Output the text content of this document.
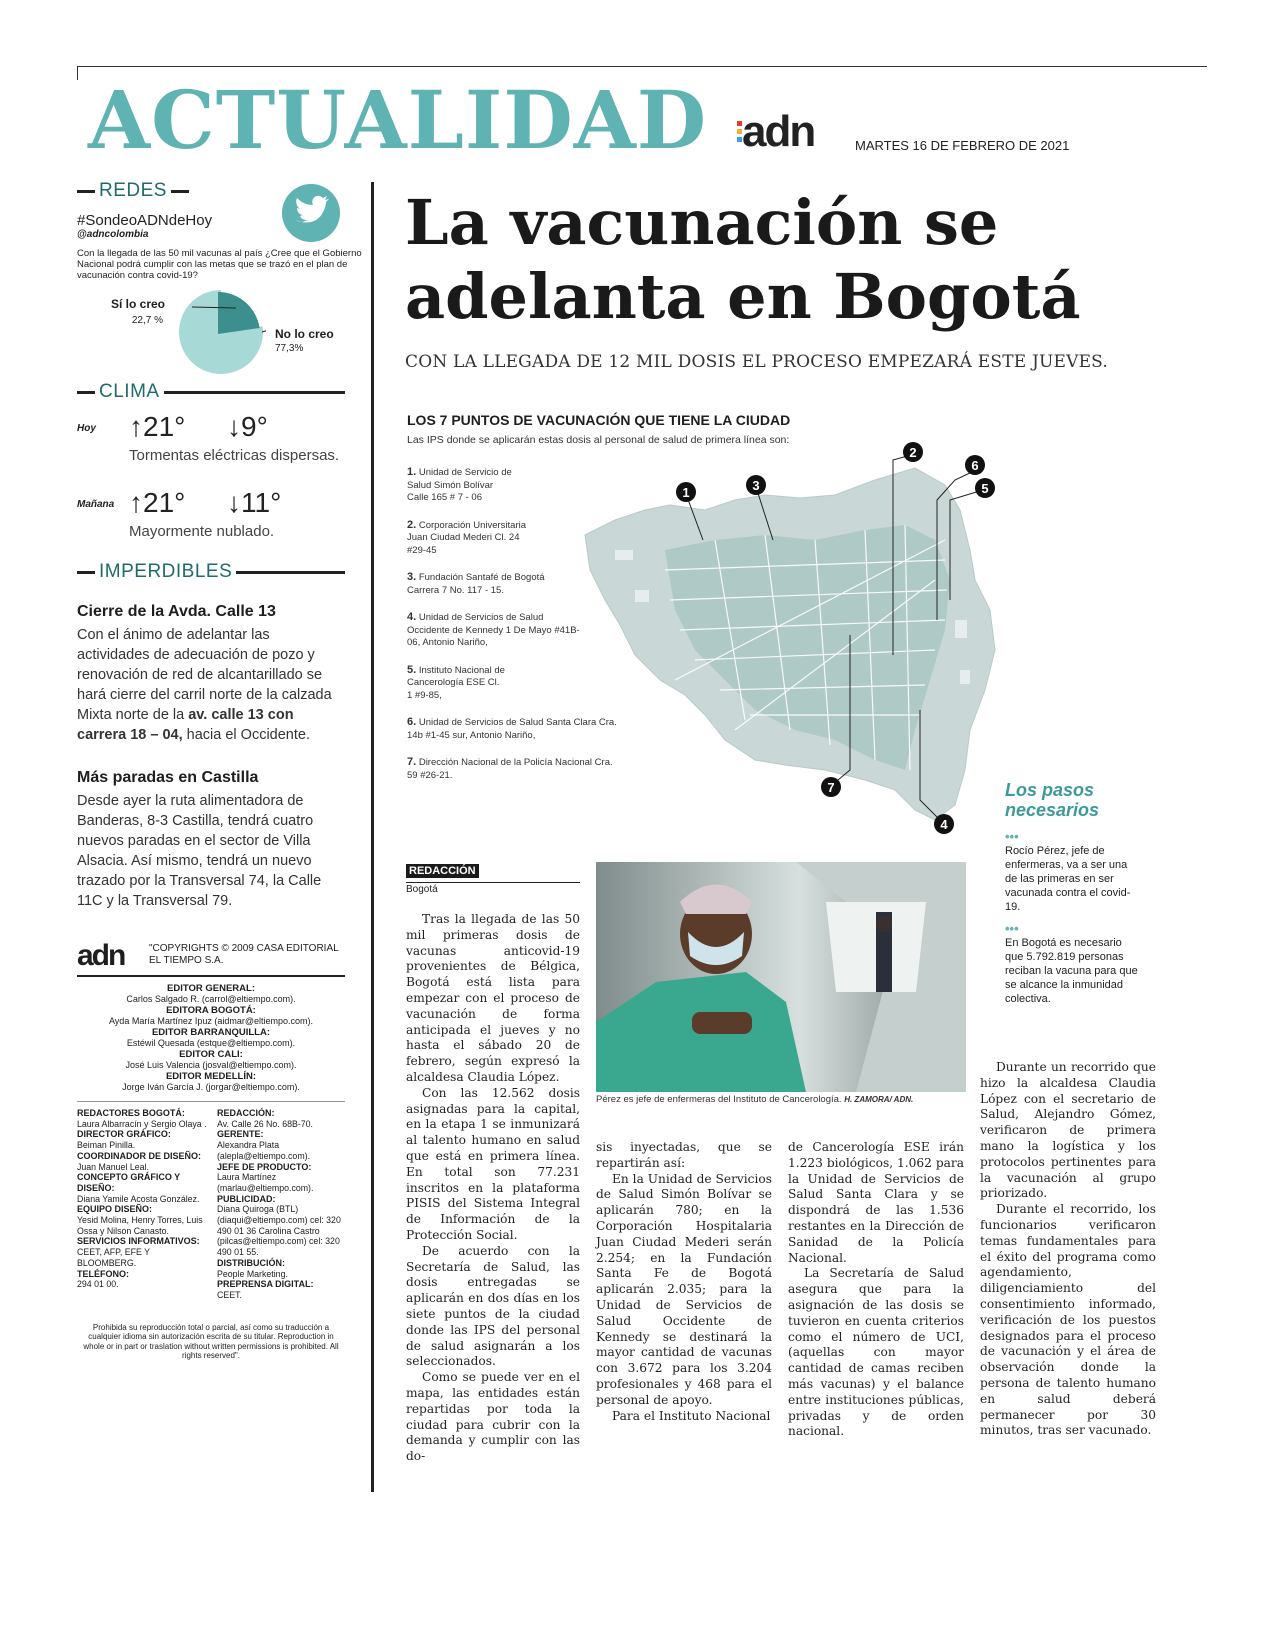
ACTUALIDAD adn	MARTES 16 DE FEBRERO DE 2021
REDES
#SondeoADNdeHoy
@adncolombia
Con la llegada de las 50 mil vacunas al país ¿Cree que el Gobierno Nacional podrá cumplir con las metas que se trazó en el plan de vacunación contra covid-19?
Sí lo creo
22,7 %
No lo creo
77,3%
CLIMA
Hoy ↑21° ↓9°
Tormentas eléctricas dispersas.
Mañana ↑21° ↓11°
Mayormente nublado.
IMPERDIBLES
Cierre de la Avda. Calle 13
Con el ánimo de adelantar las actividades de adecuación de pozo y renovación de red de alcantarillado se hará cierre del carril norte de la calzada Mixta norte de la av. calle 13 con carrera 18 – 04, hacia el Occidente.
Más paradas en Castilla
Desde ayer la ruta alimentadora de Banderas, 8-3 Castilla, tendrá cuatro nuevos paradas en el sector de Villa Alsacia. Así mismo, tendrá un nuevo trazado por la Transversal 74, la Calle 11C y la Transversal 79.
adn "COPYRIGHTS © 2009 CASA EDITORIAL EL TIEMPO S.A.
EDITOR GENERAL:
Carlos Salgado R. (carrol@eltiempo.com).
EDITORA BOGOTÁ:
Ayda María Martínez Ipuz (aidmar@eltiempo.com).
EDITOR BARRANQUILLA:
Estéwil Quesada (estque@eltiempo.com).
EDITOR CALI:
José Luis Valencia (josval@eltiempo.com).
EDITOR MEDELLÍN:
Jorge Iván García J. (jorgar@eltiempo.com).
REDACTORES BOGOTÁ:
Laura Albarracín y Sergio Olaya .
DIRECTOR GRÁFICO:
Beiman Pinilla.
COORDINADOR DE DISEÑO:
Juan Manuel Leal.
CONCEPTO GRÁFICO Y DISEÑO:
Diana Yamile Acosta González.
EQUIPO DISEÑO:
Yesid Molina, Henry Torres, Luis Ossa y Nilson Canasto.
SERVICIOS INFORMATIVOS:
CEET, AFP, EFE Y BLOOMBERG.
TELÉFONO:
294 01 00.
REDACCIÓN:
Av. Calle 26 No. 68B-70.
GERENTE:
Alexandra Plata (alepla@eltiempo.com).
JEFE DE PRODUCTO:
Laura Martínez (marlau@eltiempo.com).
PUBLICIDAD:
Diana Quiroga (BTL) (diaqui@eltiempo.com) cel: 320 490 01 36 Carolina Castro (pilcas@eltiempo.com) cel: 320 490 01 55.
DISTRIBUCIÓN:
People Marketing.
PREPRENSA DIGITAL:
CEET.
Prohibida su reproducción total o parcial, así como su traducción a cualquier idioma sin autorización escrita de su titular. Reproduction in whole or in part or traslation without written permissions is prohibited. All rights reserved".
La vacunación se adelanta en Bogotá
CON LA LLEGADA DE 12 MIL DOSIS EL PROCESO EMPEZARÁ ESTE JUEVES.
LOS 7 PUNTOS DE VACUNACIÓN QUE TIENE LA CIUDAD
Las IPS donde se aplicarán estas dosis al personal de salud de primera línea son:
1. Unidad de Servicio de Salud Simón Bolívar Calle 165 # 7 - 06
2. Corporación Universitaria Juan Ciudad Mederi Cl. 24 #29-45
3. Fundación Santafé de Bogotá Carrera 7 No. 117 - 15.
4. Unidad de Servicios de Salud Occidente de Kennedy 1 De Mayo #41B-06, Antonio Nariño,
5. Instituto Nacional de Cancerología ESE Cl. 1 #9-85,
6. Unidad de Servicios de Salud Santa Clara Cra. 14b #1-45 sur, Antonio Nariño,
7. Dirección Nacional de la Policía Nacional Cra. 59 #26-21.
1	3
2
6
5
7
4
Los pasos necesarios
•••
Rocío Pérez, jefe de enfermeras, va a ser una de las primeras en ser vacunada contra el covid-19.
•••
En Bogotá es necesario que 5.792.819 personas reciban la vacuna para que se alcance la inmunidad colectiva.
Pérez es jefe de enfermeras del Instituto de Cancerología. H. ZAMORA/ ADN.
REDACCIÓN
Bogotá

Tras la llegada de las 50 mil primeras dosis de vacunas anticovid-19 provenientes de Bélgica, Bogotá está lista para empezar con el proceso de vacunación de forma anticipada el jueves y no hasta el sábado 20 de febrero, según expresó la alcaldesa Claudia López.

Con las 12.562 dosis asignadas para la capital, en la etapa 1 se inmunizará al talento humano en salud que está en primera línea. En total son 77.231 inscritos en la plataforma PISIS del Sistema Integral de Información de la Protección Social.

De acuerdo con la Secretaría de Salud, las dosis entregadas se aplicarán en dos días en los siete puntos de la ciudad donde las IPS del personal de salud asignarán a los seleccionados.

Como se puede ver en el mapa, las entidades están repartidas por toda la ciudad para cubrir con la demanda y cumplir con las do-

sis inyectadas, que se repartirán así:

En la Unidad de Servicios de Salud Simón Bolívar se aplicarán 780; en la Corporación Hospitalaria Juan Ciudad Mederi serán 2.254; en la Fundación Santa Fe de Bogotá aplicarán 2.035; para la Unidad de Servicios de Salud Occidente de Kennedy se destinará la mayor cantidad de vacunas con 3.672 para los 3.204 profesionales y 468 para el personal de apoyo.

Para el Instituto Nacional

de Cancerología ESE irán 1.223 biológicos, 1.062 para la Unidad de Servicios de Salud Santa Clara y se dispondrá de las 1.536 restantes en la Dirección de Sanidad de la Policía Nacional.

La Secretaría de Salud asegura que para la asignación de las dosis se tuvieron en cuenta criterios como el número de UCI, (aquellas con mayor cantidad de camas reciben más vacunas) y el balance entre instituciones públicas, privadas y de orden nacional.

Durante un recorrido que hizo la alcaldesa Claudia López con el secretario de Salud, Alejandro Gómez, verificaron de primera mano la logística y los protocolos pertinentes para la vacunación al grupo priorizado.

Durante el recorrido, los funcionarios verificaron temas fundamentales para el éxito del programa como agendamiento, diligenciamiento del consentimiento informado, verificación de los puestos designados para el proceso de vacunación y el área de observación donde la persona de talento humano en salud deberá permanecer por 30 minutos, tras ser vacunado.
